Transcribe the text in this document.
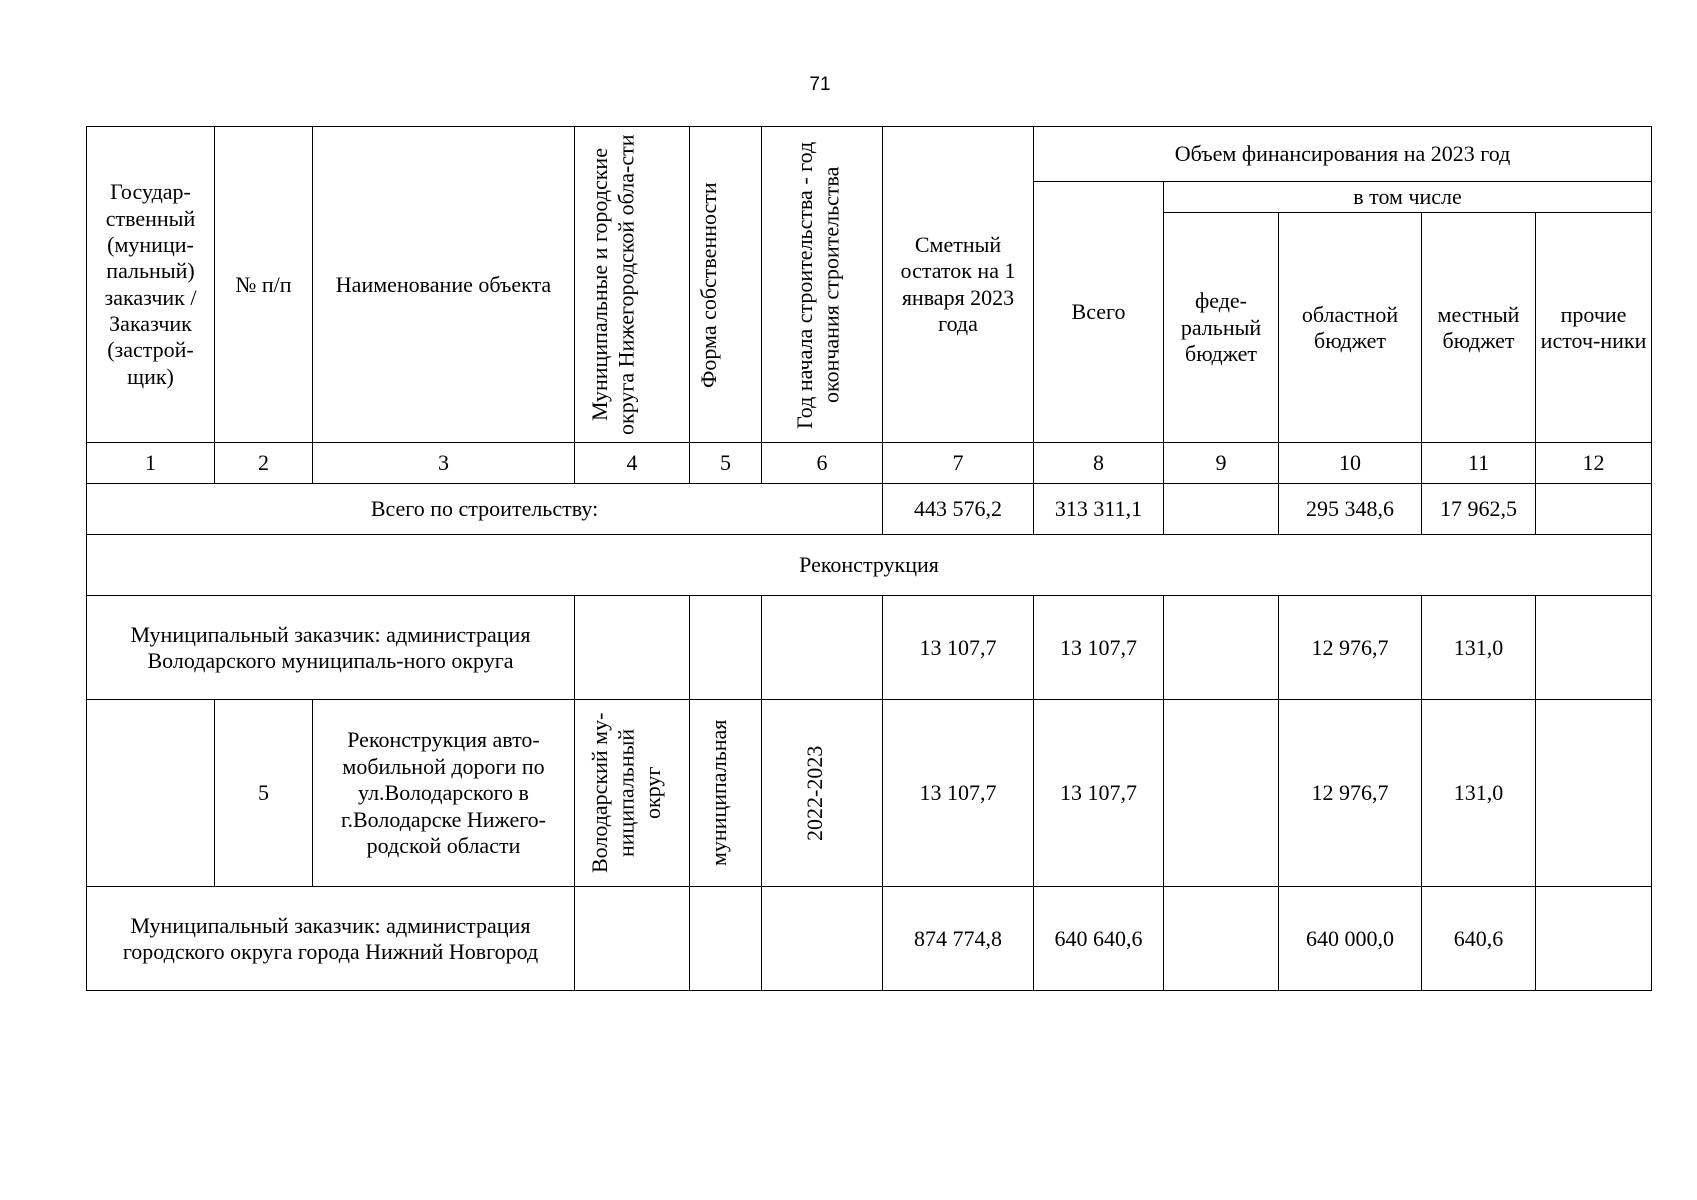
71
Государ-ственный (муници-пальный) заказчик / Заказчик (застрой-щик)	№ п/п	Наименование объекта	Муниципальные и городские округа Нижегородской обла-сти	Форма собственности	Год начала строительства - год окончания строительства	Сметный остаток на 1 января 2023 года	Объем финансирования на 2023 год				
							Всего	в том числе			
								феде-ральный бюджет	областной бюджет	местный бюджет	прочие источ-ники
1	2	3	4	5	6	7	8	9	10	11	12
Всего по строительству:						443 576,2	313 311,1		295 348,6	17 962,5	
Реконструкция											
Муниципальный заказчик: администрация Володарского муниципаль-ного округа						13 107,7	13 107,7		12 976,7	131,0	
	5	Реконструкция авто-мобильной дороги по ул.Володарского в г.Володарске Нижего-родской области	Володарский му-ниципальный округ	муниципальная	2022-2023	13 107,7	13 107,7		12 976,7	131,0	
Муниципальный заказчик: администрация городского округа города Нижний Новгород						874 774,8	640 640,6		640 000,0	640,6	
